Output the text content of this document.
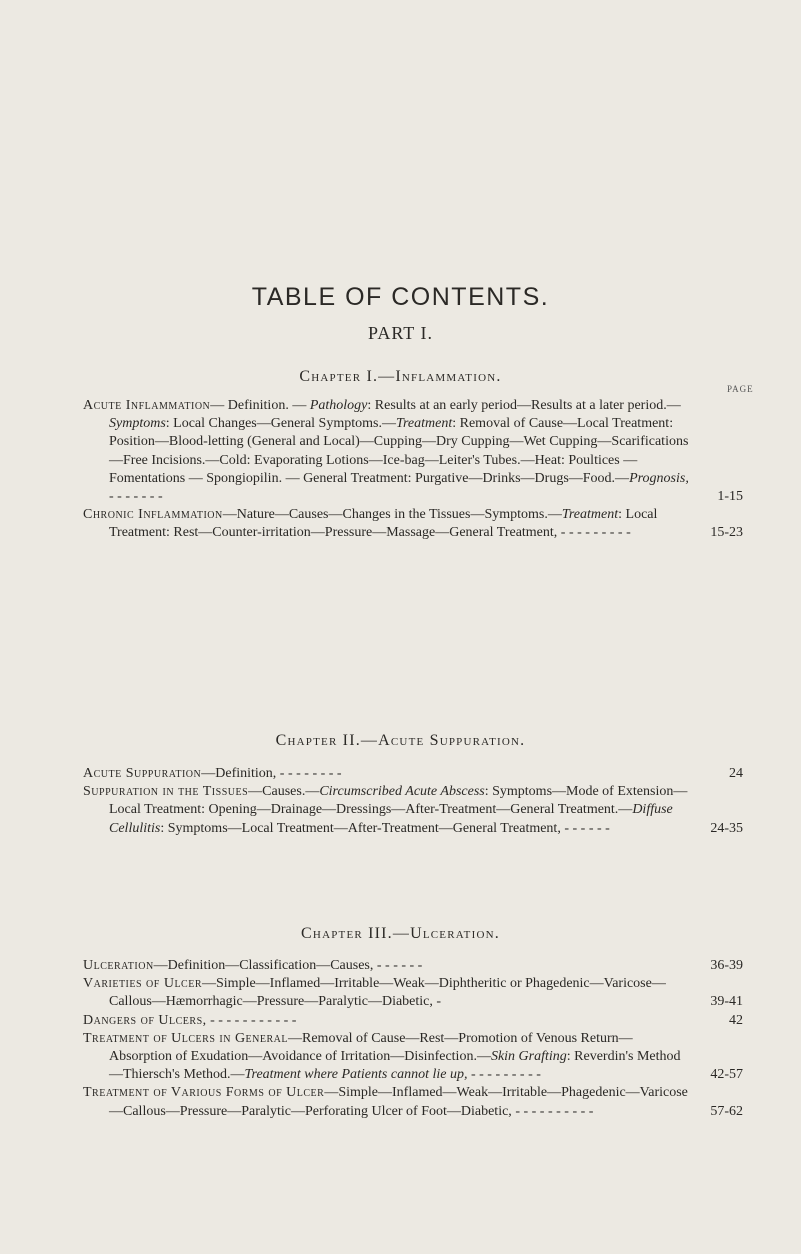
TABLE OF CONTENTS.
PART I.
Chapter I.—Inflammation.
PAGE
Acute Inflammation— Definition. — Pathology: Results at an early period—Results at a later period.—Symptoms: Local Changes—General Symptoms.—Treatment: Removal of Cause—Local Treatment: Position—Blood-letting (General and Local)—Cupping—Dry Cupping—Wet Cupping—Scarifications—Free Incisions.—Cold: Evaporating Lotions—Ice-bag—Leiter's Tubes.—Heat: Poultices — Fomentations — Spongiopilin. — General Treatment: Purgative—Drinks—Drugs—Food.—Prognosis, - - - - - - -	1-15
Chronic Inflammation—Nature—Causes—Changes in the Tissues—Symptoms.—Treatment: Local Treatment: Rest—Counter-irritation—Pressure—Massage—General Treatment, - - - - - - - - -	15-23
Chapter II.—Acute Suppuration.
Acute Suppuration—Definition, - - - - - - - -	24
Suppuration in the Tissues—Causes.—Circumscribed Acute Abscess: Symptoms—Mode of Extension—Local Treatment: Opening—Drainage—Dressings—After-Treatment—General Treatment.—Diffuse Cellulitis: Symptoms—Local Treatment—After-Treatment—General Treatment, - - - - - -	24-35
Chapter III.—Ulceration.
Ulceration—Definition—Classification—Causes, - - - - - -	36-39
Varieties of Ulcer—Simple—Inflamed—Irritable—Weak—Diphtheritic or Phagedenic—Varicose—Callous—Hæmorrhagic—Pressure—Paralytic—Diabetic, -	39-41
Dangers of Ulcers, - - - - - - - - - - -	42
Treatment of Ulcers in General—Removal of Cause—Rest—Promotion of Venous Return—Absorption of Exudation—Avoidance of Irritation—Disinfection.—Skin Grafting: Reverdin's Method—Thiersch's Method.—Treatment where Patients cannot lie up, - - - - - - - - -	42-57
Treatment of Various Forms of Ulcer—Simple—Inflamed—Weak—Irritable—Phagedenic—Varicose—Callous—Pressure—Paralytic—Perforating Ulcer of Foot—Diabetic, - - - - - - - - - -	57-62
